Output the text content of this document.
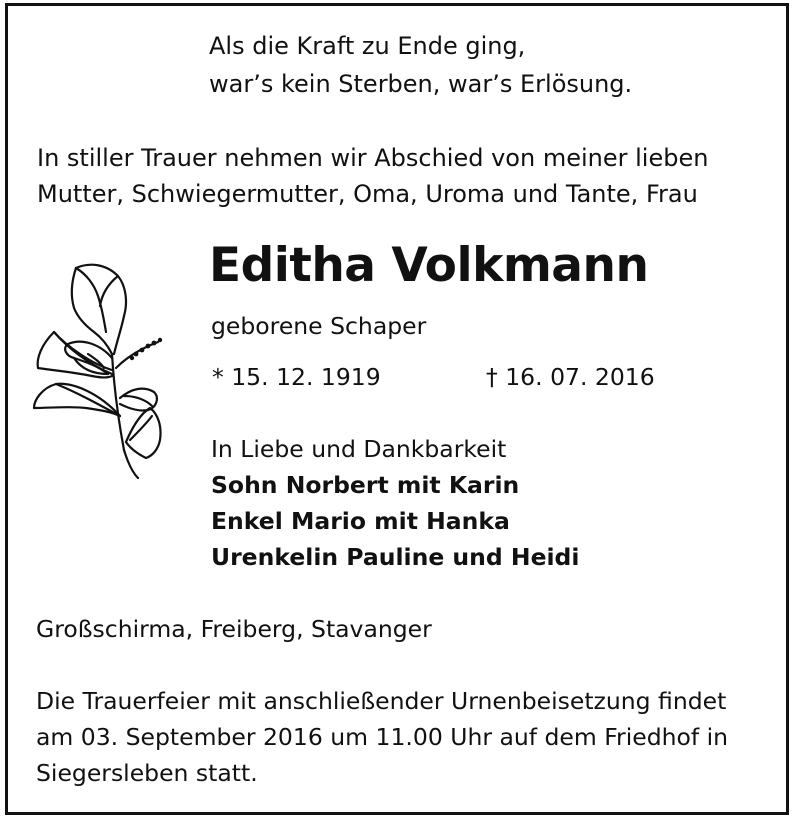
Als die Kraft zu Ende ging,
war’s kein Sterben, war’s Erlösung.
In stiller Trauer nehmen wir Abschied von meiner lieben
Mutter, Schwiegermutter, Oma, Uroma und Tante, Frau
Editha Volkmann
geborene Schaper
* 15. 12. 1919	† 16. 07. 2016
In Liebe und Dankbarkeit
Sohn Norbert mit Karin
Enkel Mario mit Hanka
Urenkelin Pauline und Heidi
Großschirma, Freiberg, Stavanger
Die Trauerfeier mit anschließender Urnenbeisetzung findet
am 03. September 2016 um 11.00 Uhr auf dem Friedhof in
Siegersleben statt.
